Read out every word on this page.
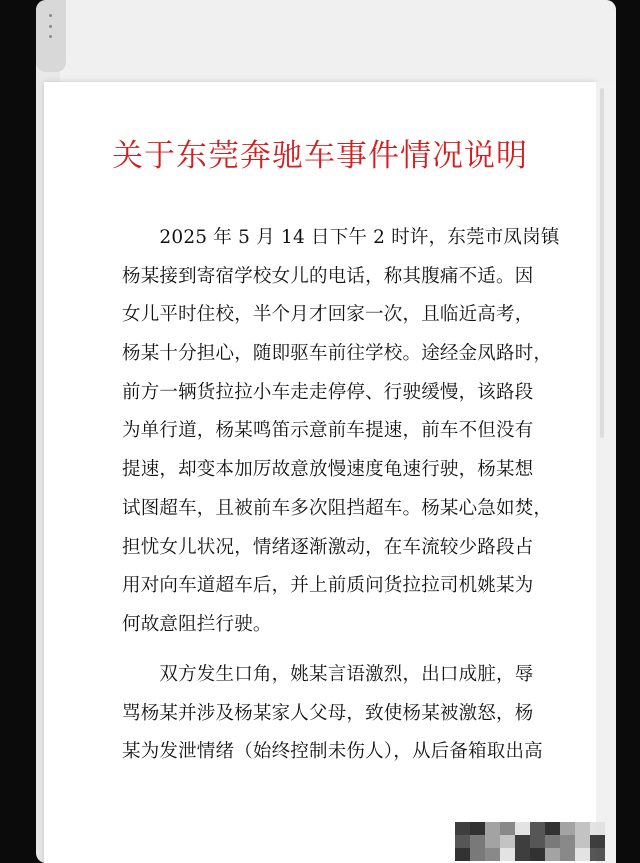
关于东莞奔驰车事件情况说明
　　2025 年 5 月 14 日下午 2 时许，东莞市凤岗镇
杨某接到寄宿学校女儿的电话，称其腹痛不适。因
女儿平时住校，半个月才回家一次，且临近高考，
杨某十分担心，随即驱车前往学校。途经金凤路时，
前方一辆货拉拉小车走走停停、行驶缓慢，该路段
为单行道，杨某鸣笛示意前车提速，前车不但没有
提速，却变本加厉故意放慢速度龟速行驶，杨某想
试图超车，且被前车多次阻挡超车。杨某心急如焚，
担忧女儿状况，情绪逐渐激动，在车流较少路段占
用对向车道超车后，并上前质问货拉拉司机姚某为
何故意阻拦行驶。
　　双方发生口角，姚某言语激烈，出口成脏，辱
骂杨某并涉及杨某家人父母，致使杨某被激怒，杨
某为发泄情绪（始终控制未伤人），从后备箱取出高
